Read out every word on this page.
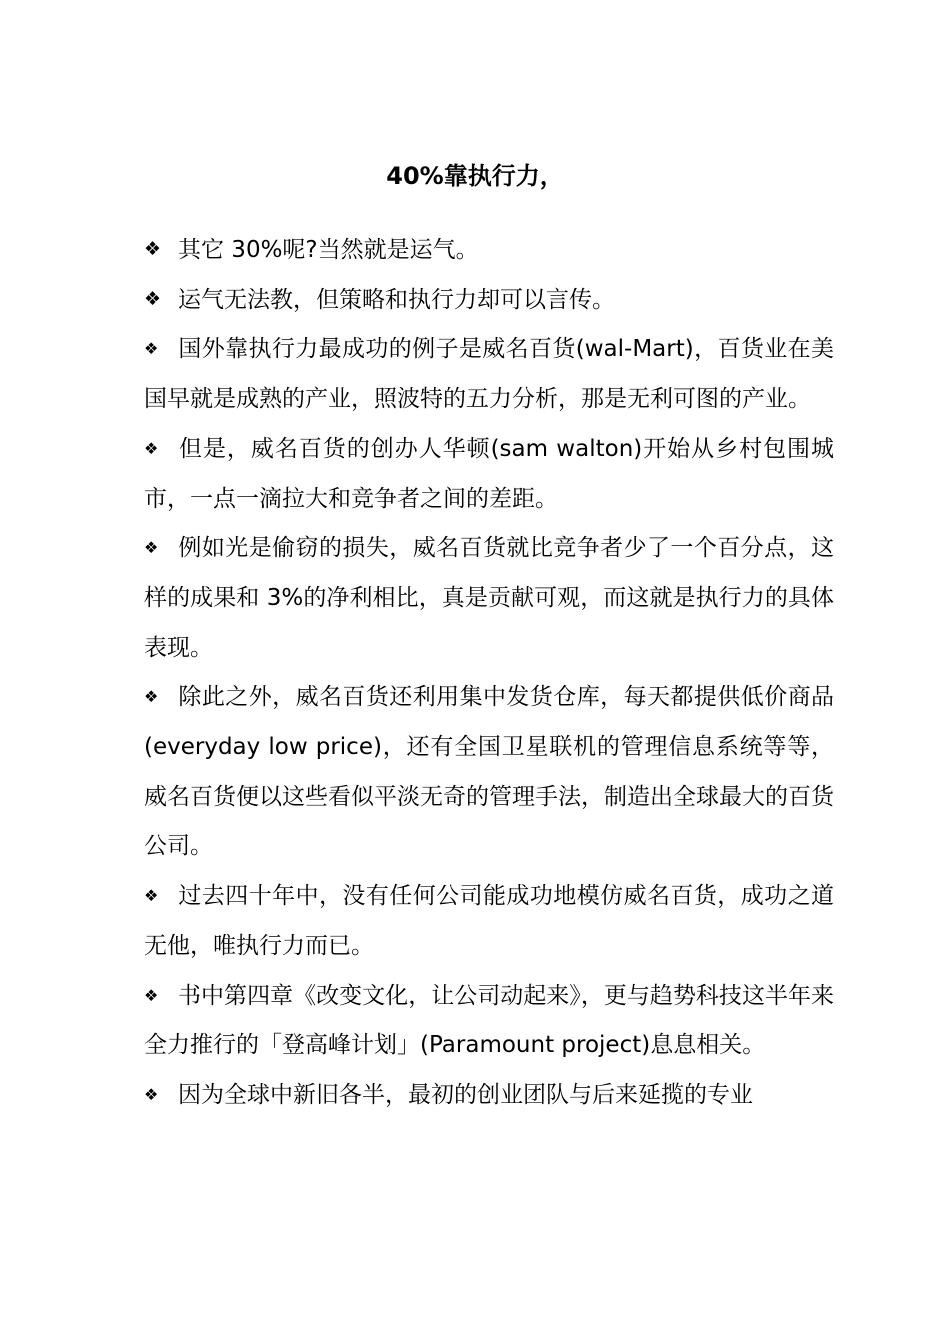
40%靠执行力，

❖ 其它 30%呢?当然就是运气。

❖ 运气无法教，但策略和执行力却可以言传。

❖ 国外靠执行力最成功的例子是威名百货(wal-Mart)，百货业在美国早就是成熟的产业，照波特的五力分析，那是无利可图的产业。

❖ 但是，威名百货的创办人华顿(sam walton)开始从乡村包围城市，一点一滴拉大和竞争者之间的差距。

❖ 例如光是偷窃的损失，威名百货就比竞争者少了一个百分点，这样的成果和 3%的净利相比，真是贡献可观，而这就是执行力的具体表现。

❖ 除此之外，威名百货还利用集中发货仓库，每天都提供低价商品(everyday low price)，还有全国卫星联机的管理信息系统等等，威名百货便以这些看似平淡无奇的管理手法，制造出全球最大的百货公司。

❖ 过去四十年中，没有任何公司能成功地模仿威名百货，成功之道无他，唯执行力而已。

❖ 书中第四章《改变文化，让公司动起来》，更与趋势科技这半年来全力推行的「登高峰计划」(Paramount project)息息相关。

❖ 因为全球中新旧各半，最初的创业团队与后来延揽的专业
